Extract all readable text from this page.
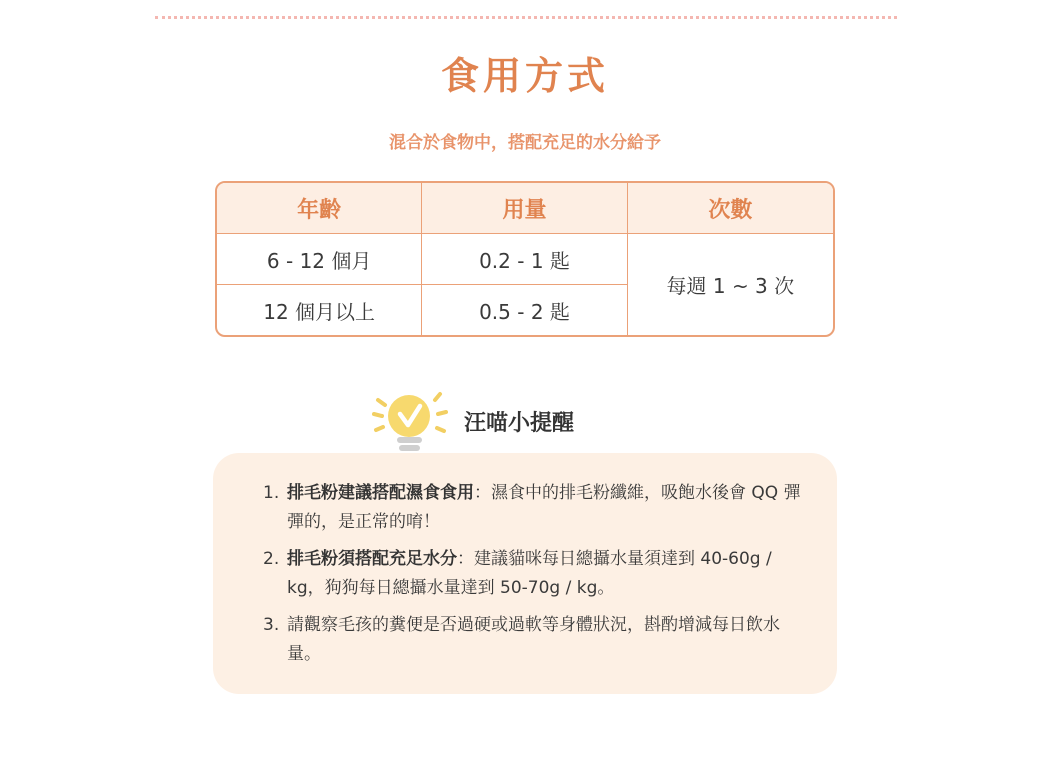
食用方式

混合於食物中，搭配充足的水分給予

年齡	用量	次數
6 - 12 個月	0.2 - 1 匙	每週 1 ~ 3 次
12 個月以上	0.5 - 2 匙	
汪喵小提醒
1. 排毛粉建議搭配濕食食用：濕食中的排毛粉纖維，吸飽水後會 QQ 彈彈的，是正常的唷！
2. 排毛粉須搭配充足水分：建議貓咪每日總攝水量須達到 40-60g / kg，狗狗每日總攝水量達到 50-70g / kg。
3. 請觀察毛孩的糞便是否過硬或過軟等身體狀況，斟酌增減每日飲水量。
